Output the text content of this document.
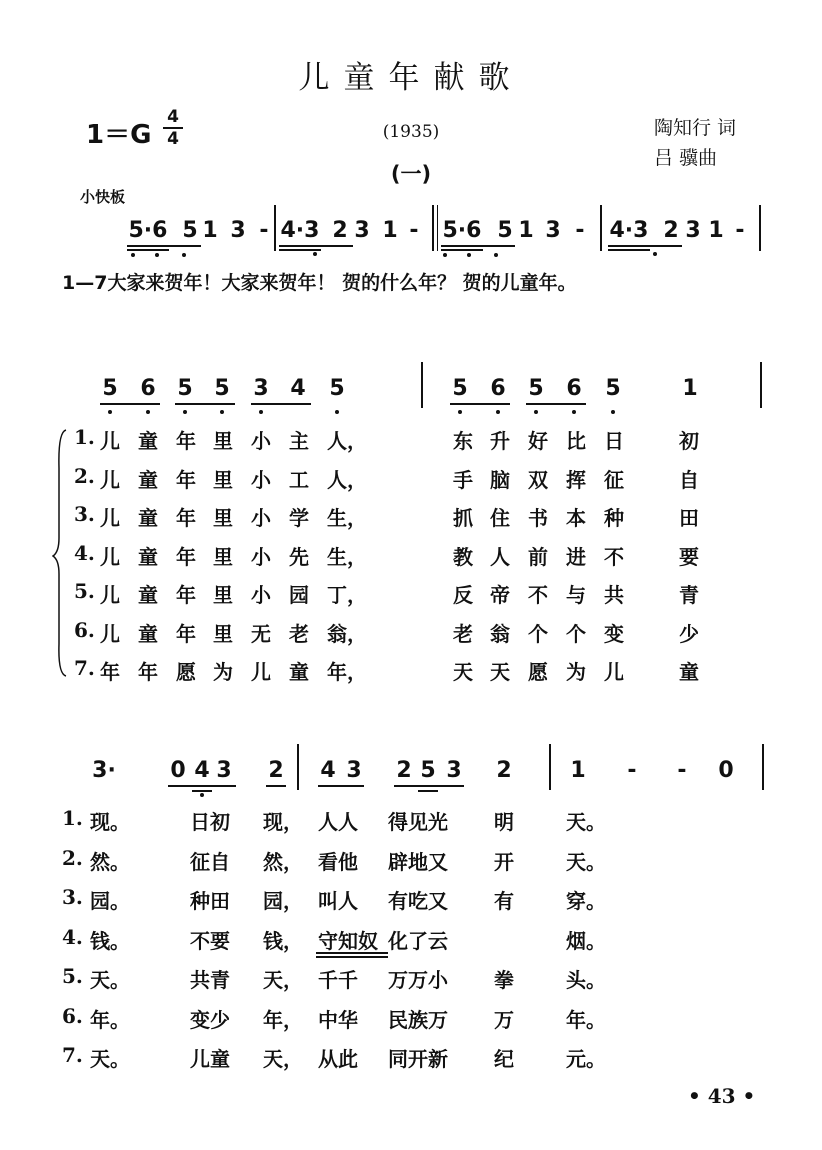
儿童年献歌
1＝G
4
4	(1935)
(一)
陶知行 词
吕 骥曲
小快板
5·6 5 1 3 - 4·3 2 3 1 - 5·6 5 1 3 - 4·3 2 3 1 -
1—7大家来贺年！大家来贺年！ 贺的什么年？ 贺的儿童年。
5 6 5 5 3 4 5	5 6 5 6 5	1
1. 儿 童 年 里 小 主 人，	东 升 好 比 日	初
2. 儿 童 年 里 小 工 人，	手 脑 双 挥 征	自
3. 儿 童 年 里 小 学 生，	抓 住 书 本 种	田
4. 儿 童 年 里 小 先 生，	教 人 前 进 不	要
5. 儿 童 年 里 小 园 丁，	反 帝 不 与 共	青
6. 儿 童 年 里 无 老 翁，	老 翁 个 个 变	少
7. 年 年 愿 为 儿 童 年，	天 天 愿 为 儿	童
3· 0 4 3 2 4 3 2 5 3 2	1 - - 0
1. 现。	日初 现， 人人 得见光 明	天。
2. 然。	征自 然， 看他 辟地又 开	天。
3. 园。	种田 园， 叫人 有吃又 有	穿。
4. 钱。	不要 钱， 守知奴 化了云	烟。
5. 天。	共青 天， 千千 万万小 拳	头。
6. 年。	变少 年， 中华 民族万 万	年。
7. 天。	儿童 天， 从此 同开新 纪	元。
• 43 •
